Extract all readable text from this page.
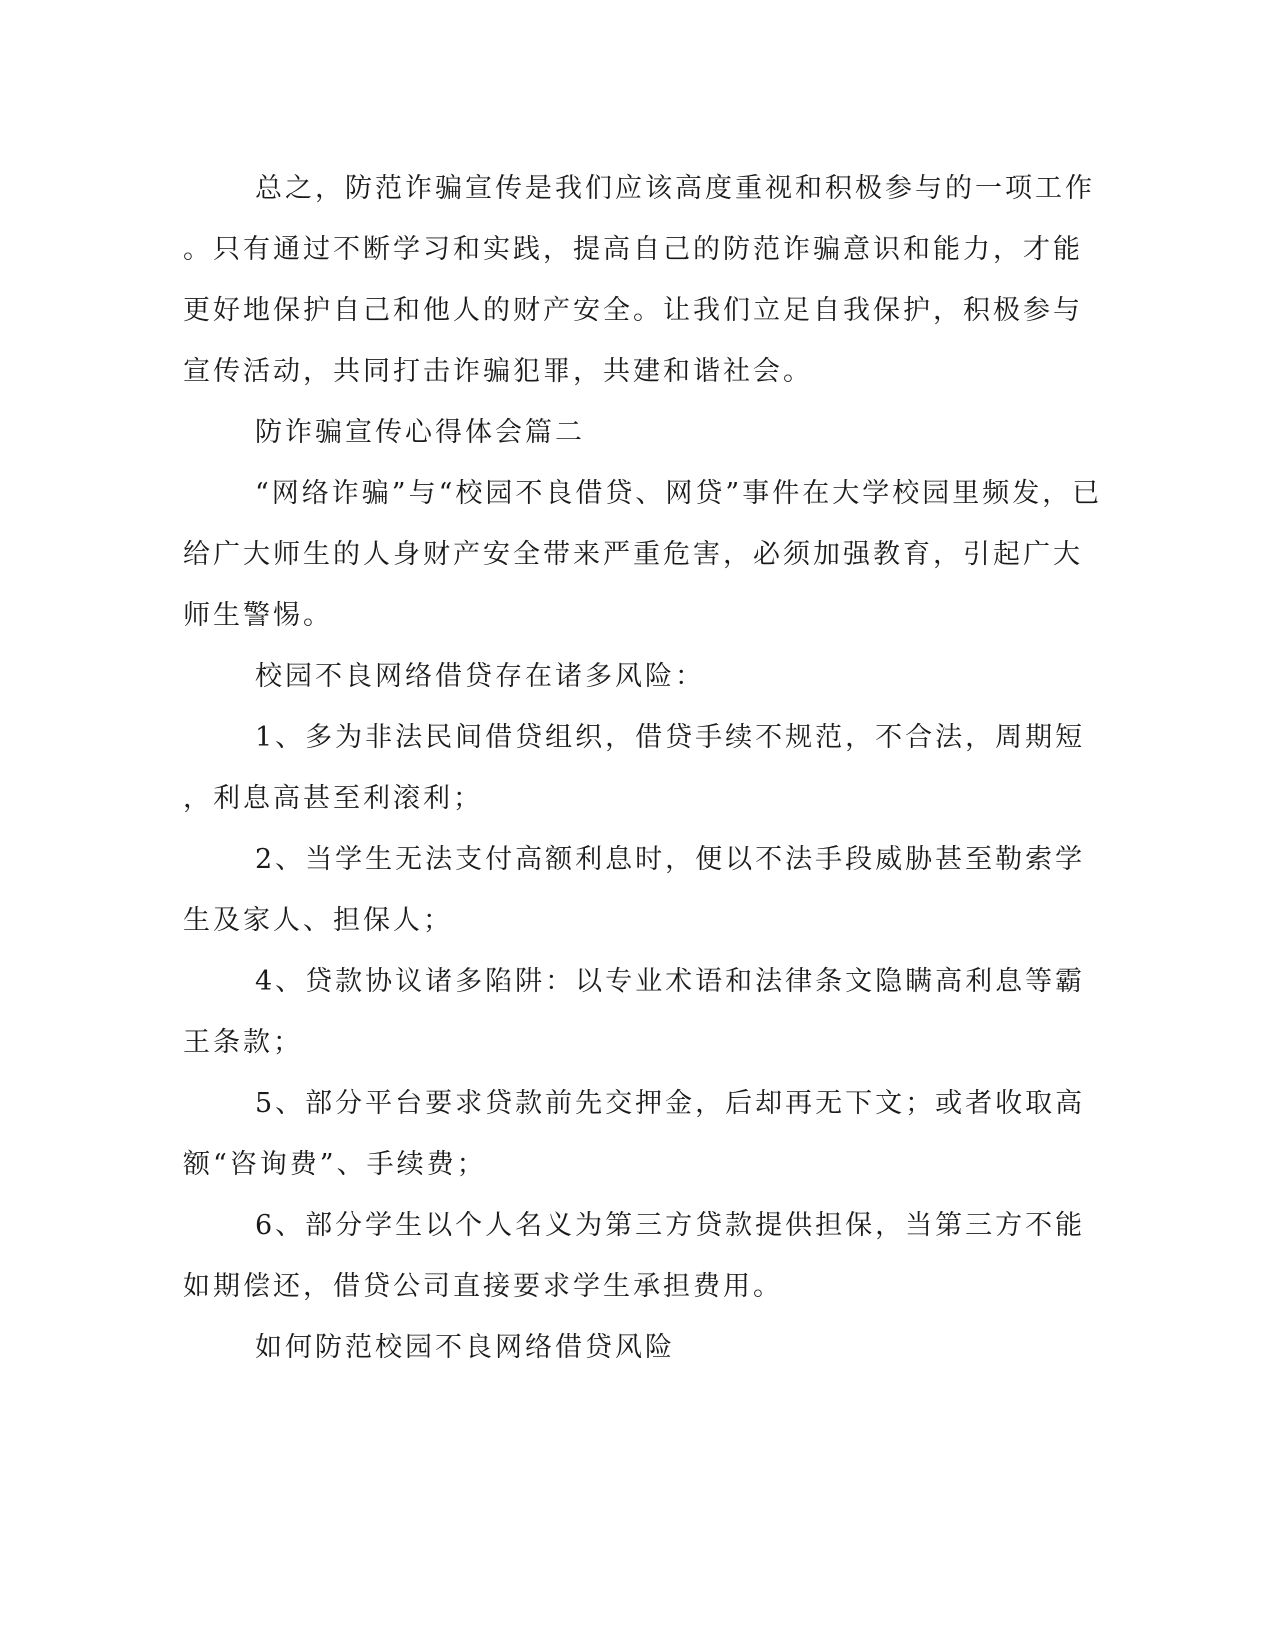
总之，防范诈骗宣传是我们应该高度重视和积极参与的一项工作
。只有通过不断学习和实践，提高自己的防范诈骗意识和能力，才能
更好地保护自己和他人的财产安全。让我们立足自我保护，积极参与
宣传活动，共同打击诈骗犯罪，共建和谐社会。
防诈骗宣传心得体会篇二
“网络诈骗”与“校园不良借贷、网贷”事件在大学校园里频发，已
给广大师生的人身财产安全带来严重危害，必须加强教育，引起广大
师生警惕。
校园不良网络借贷存在诸多风险：
1、多为非法民间借贷组织，借贷手续不规范，不合法，周期短
，利息高甚至利滚利；
2、当学生无法支付高额利息时，便以不法手段威胁甚至勒索学
生及家人、担保人；
4、贷款协议诸多陷阱：以专业术语和法律条文隐瞒高利息等霸
王条款；
5、部分平台要求贷款前先交押金，后却再无下文；或者收取高
额“咨询费”、手续费；
6、部分学生以个人名义为第三方贷款提供担保，当第三方不能
如期偿还，借贷公司直接要求学生承担费用。
如何防范校园不良网络借贷风险
